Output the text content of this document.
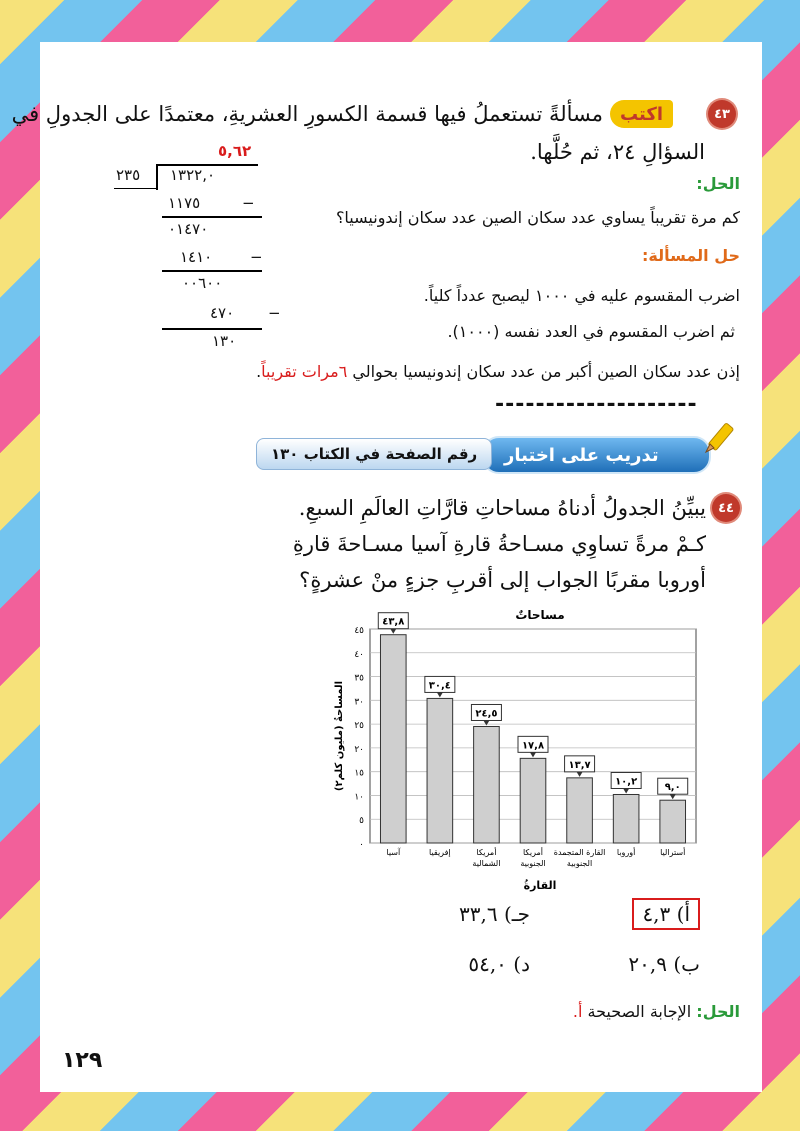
٤٣
اكتب
مسألةً تستعملُ فيها قسمة الكسورِ العشريةِ، معتمدًا على الجدولِ في
السؤالِ ٢٤، ثم حُلَّها.
٥,٦٢
٢٣٥ ١٣٢٢,٠
١١٧٥	−
٠١٤٧٠
١٤١٠	−
٠٠٦٠٠
٤٧٠ −
١٣٠
الحل:
كم مرة تقريباً يساوي عدد سكان الصين عدد سكان إندونيسيا؟
حل المسألة:
اضرب المقسوم عليه في ١٠٠٠ ليصبح عدداً كلياً.
ثم اضرب المقسوم في العدد نفسه (١٠٠٠).
إذن عدد سكان الصين أكبر من عدد سكان إندونيسيا بحوالي ٦مرات تقريباً.
--------------------
تدريب على اختبار
رقم الصفحة في الكتاب ١٣٠
٤٤
يبيِّنُ الجدولُ أدناهُ مساحاتِ قارَّاتِ العالَمِ السبعِ.
كـمْ مرةً تساوِي مسـاحةُ قارةِ آسيا مسـاحةَ قارةِ
أوروبا مقربًا الجواب إلى أقربِ جزءٍ منْ عشرةٍ؟
مساحاتٌ
٠
٥
١٠
١٥
٢٠
٢٥
٣٠
٣٥
٤٠
٤٥
٤٣,٨
٣٠,٤
٢٤,٥
١٧,٨
١٣,٧
١٠,٢
٩,٠
آسيا	إفريقيا	أمريكا
الشمالية
أمريكا
الجنوبية
القارة المتجمدة
الجنوبية
أوروبا	أستراليا
المساحةُ (مليون كلم٢)
القارةُ
أ) ٤,٣
ب) ٢٠,٩
جـ) ٣٣,٦
د) ٥٤,٠
الحل: الإجابة الصحيحة أ.
١٢٩
